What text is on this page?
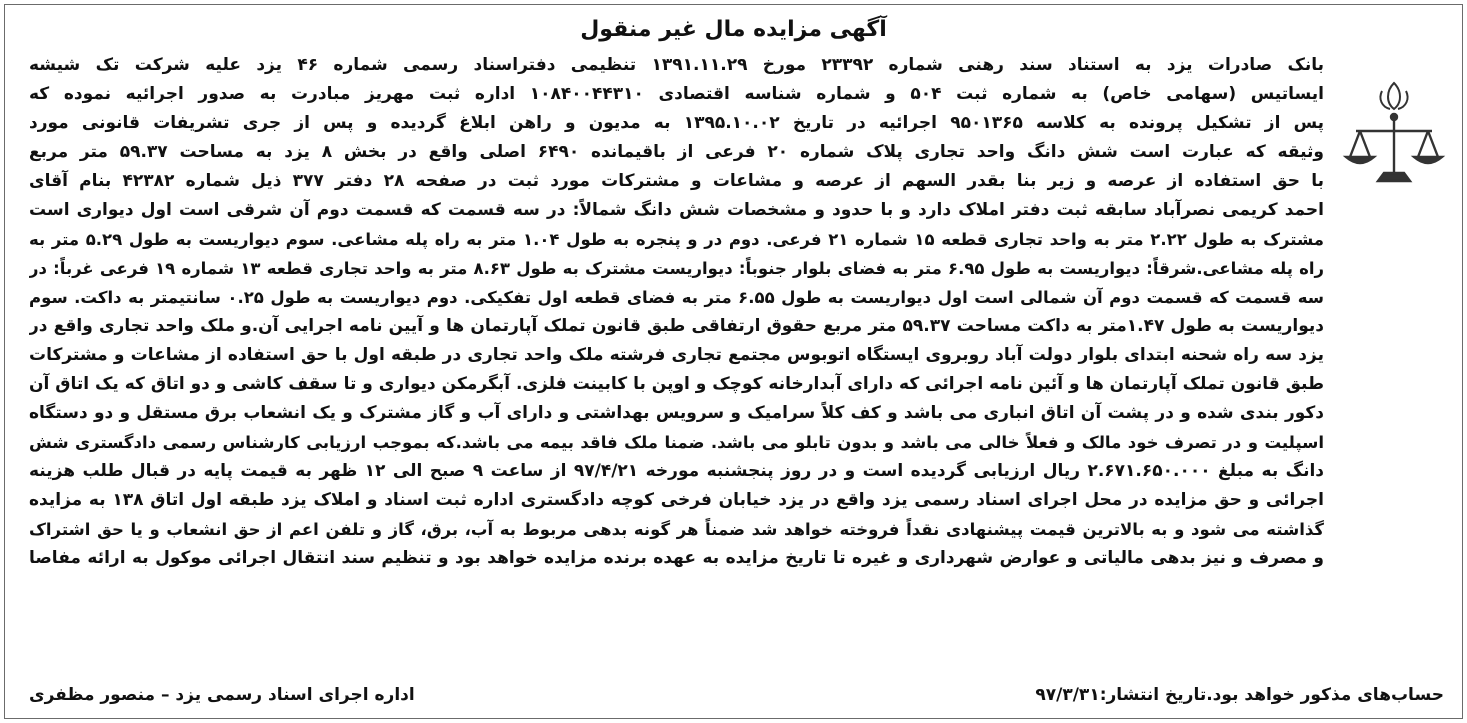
آگهی مزایده مال غیر منقول
بانک صادرات یزد به استناد سند رهنی شماره ۲۳۳۹۲ مورخ ۱۳۹۱.۱۱.۲۹ تنظیمی دفتراسناد رسمی شماره ۴۶ یزد علیه شرکت تک شیشه
ایساتیس (سهامی خاص) به شماره ثبت ۵۰۴ و شماره شناسه اقتصادی ۱۰۸۴۰۰۴۴۳۱۰ اداره ثبت مهریز مبادرت به صدور اجرائیه نموده که
پس از تشکیل پرونده به کلاسه ۹۵۰۱۳۶۵ اجرائیه در تاریخ ۱۳۹۵.۱۰.۰۲ به مدیون و راهن ابلاغ گردیده و پس از جری تشریفات قانونی مورد
وثیقه که عبارت است شش دانگ واحد تجاری پلاک شماره ۲۰ فرعی از باقیمانده ۶۴۹۰ اصلی واقع در بخش ۸ یزد به مساحت ۵۹.۳۷ متر مربع
با حق استفاده از عرصه و زیر بنا بقدر السهم از عرصه و مشاعات و مشترکات مورد ثبت در صفحه ۲۸ دفتر ۳۷۷ ذیل شماره ۴۲۳۸۲ بنام آقای
احمد کریمی نصرآباد سابقه ثبت دفتر املاک دارد و با حدود و مشخصات شش دانگ شمالاً: در سه قسمت که قسمت دوم آن شرقی است اول دیواری است
مشترک به طول ۲.۲۲ متر به واحد تجاری قطعه ۱۵ شماره ۲۱ فرعی. دوم در و پنجره به طول ۱.۰۴ متر به راه پله مشاعی. سوم دیواریست به طول ۵.۲۹ متر به
راه پله مشاعی.شرقاً: دیواریست به طول ۶.۹۵ متر به فضای بلوار جنوباً: دیواریست مشترک به طول ۸.۶۳ متر به واحد تجاری قطعه ۱۳ شماره ۱۹ فرعی غرباً: در
سه قسمت که قسمت دوم آن شمالی است اول دیواریست به طول ۶.۵۵ متر به فضای قطعه اول تفکیکی. دوم دیواریست به طول ۰.۲۵ سانتیمتر به داکت. سوم
دیواریست به طول ۱.۴۷متر به داکت مساحت ۵۹.۳۷ متر مربع حقوق ارتفاقی طبق قانون تملک آپارتمان ها و آیین نامه اجرایی آن.و ملک واحد تجاری واقع در
یزد سه راه شحنه ابتدای بلوار دولت آباد روبروی ایستگاه اتوبوس مجتمع تجاری فرشته ملک واحد تجاری در طبقه اول با حق استفاده از مشاعات و مشترکات
طبق قانون تملک آپارتمان ها و آئین نامه اجرائی که دارای آبدارخانه کوچک و اوپن با کابینت فلزی. آبگرمکن دیواری و تا سقف کاشی و دو اتاق که یک اتاق آن
دکور بندی شده و در پشت آن اتاق انباری می باشد و کف کلاً سرامیک و سرویس بهداشتی و دارای آب و گاز مشترک و یک انشعاب برق مستقل و دو دستگاه
اسپلیت و در تصرف خود مالک و فعلاً خالی می باشد و بدون تابلو می باشد. ضمنا ملک فاقد بیمه می باشد.که بموجب ارزیابی کارشناس رسمی دادگستری شش
دانگ به مبلغ ۲.۶۷۱.۶۵۰.۰۰۰ ریال ارزیابی گردیده است و در روز پنجشنبه مورخه ۹۷/۴/۲۱ از ساعت ۹ صبح الی ۱۲ ظهر به قیمت پایه در قبال طلب هزینه
اجرائی و حق مزایده در محل اجرای اسناد رسمی یزد واقع در یزد خیابان فرخی کوچه دادگستری اداره ثبت اسناد و املاک یزد طبقه اول اتاق ۱۳۸ به مزایده
گذاشته می شود و به بالاترین قیمت پیشنهادی نقداً فروخته خواهد شد ضمناً هر گونه بدهی مربوط به آب، برق، گاز و تلفن اعم از حق انشعاب و یا حق اشتراک
و مصرف و نیز بدهی مالیاتی و عوارض شهرداری و غیره تا تاریخ مزایده به عهده برنده مزایده خواهد بود و تنظیم سند انتقال اجرائی موکول به ارائه مفاصا
حساب‌های مذکور خواهد بود.تاریخ انتشار:۹۷/۳/۳۱
اداره اجرای اسناد رسمی یزد – منصور مظفری
